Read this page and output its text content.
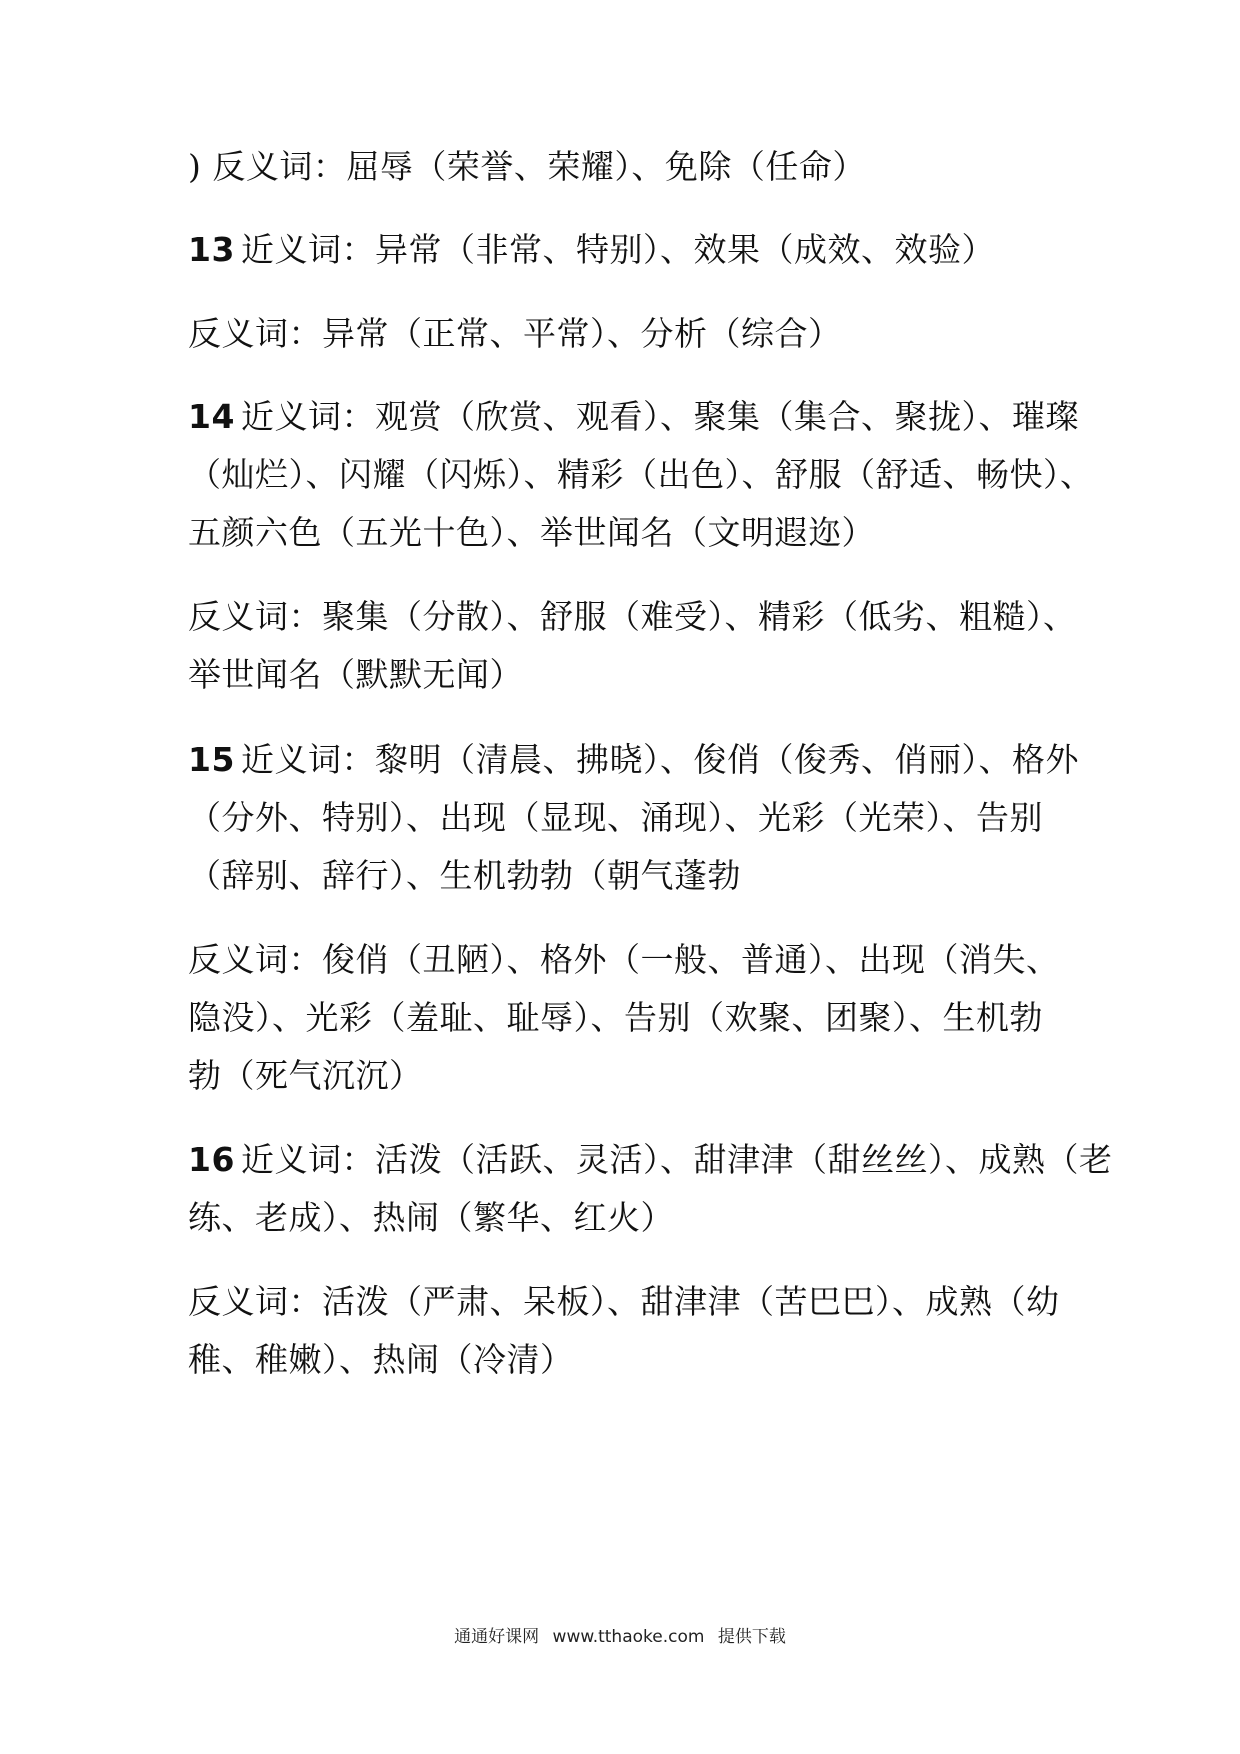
) 反义词：屈辱（荣誉、荣耀）、免除（任命）
13 近义词：异常（非常、特别）、效果（成效、效验）
反义词：异常（正常、平常）、分析（综合）
14 近义词：观赏（欣赏、观看）、聚集（集合、聚拢）、璀璨
（灿烂）、闪耀（闪烁）、精彩（出色）、舒服（舒适、畅快）、
五颜六色（五光十色）、举世闻名（文明遐迩）
反义词：聚集（分散）、舒服（难受）、精彩（低劣、粗糙）、
举世闻名（默默无闻）
15 近义词：黎明（清晨、拂晓）、俊俏（俊秀、俏丽）、格外
（分外、特别）、出现（显现、涌现）、光彩（光荣）、告别
（辞别、辞行）、生机勃勃（朝气蓬勃
反义词：俊俏（丑陋）、格外（一般、普通）、出现（消失、
隐没）、光彩（羞耻、耻辱）、告别（欢聚、团聚）、生机勃
勃（死气沉沉）
16 近义词：活泼（活跃、灵活）、甜津津（甜丝丝）、成熟（老
练、老成）、热闹（繁华、红火）
反义词：活泼（严肃、呆板）、甜津津（苦巴巴）、成熟（幼
稚、稚嫩）、热闹（冷清）
通通好课网 www.tthaoke.com 提供下载
